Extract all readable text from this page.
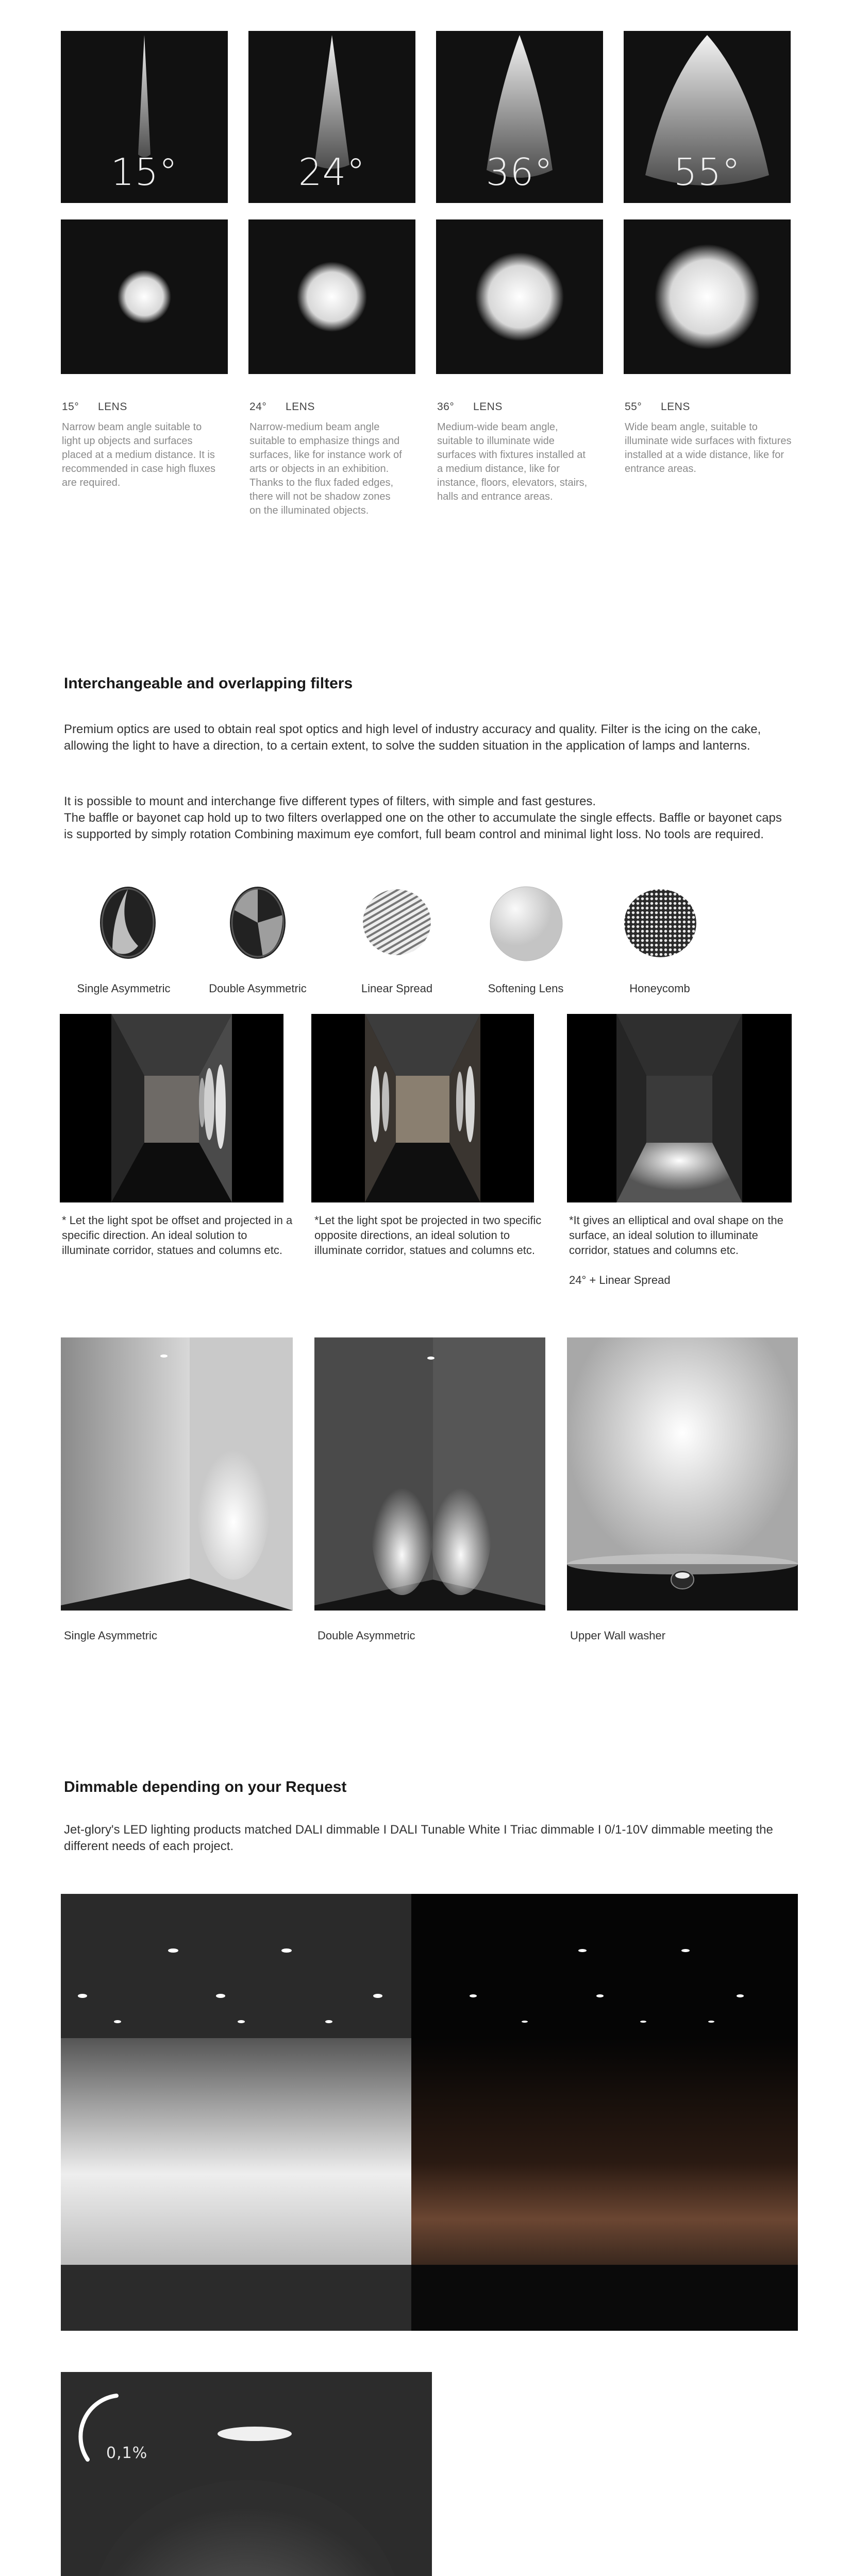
15°	24°	36°	55°
15° LENS
Narrow beam angle suitable to light up objects and surfaces placed at a medium distance. It is recommended in case high fluxes are required.
24° LENS
Narrow-medium beam angle suitable to emphasize things and surfaces, like for instance work of arts or objects in an exhibition. Thanks to the flux faded edges, there will not be shadow zones on the illuminated objects.
36° LENS
Medium-wide beam angle, suitable to illuminate wide surfaces with fixtures installed at a medium distance, like for instance, floors, elevators, stairs, halls and entrance areas.
55° LENS
Wide beam angle, suitable to illuminate wide surfaces with fixtures installed at a wide distance, like for entrance areas.
Interchangeable and overlapping filters
Premium optics are used to obtain real spot optics and high level of industry accuracy and quality. Filter is the icing on the cake, allowing the light to have a direction, to a certain extent, to solve the sudden situation in the application of lamps and lanterns.
It is possible to mount and interchange five different types of filters, with simple and fast gestures.
The baffle or bayonet cap hold up to two filters overlapped one on the other to accumulate the single effects. Baffle or bayonet caps is supported by simply rotation Combining maximum eye comfort, full beam control and minimal light loss. No tools are required.
Single Asymmetric	Double Asymmetric	Linear Spread	Softening Lens	Honeycomb
* Let the light spot be offset and projected in a specific direction. An ideal solution to illuminate corridor, statues and columns etc.
*Let the light spot be projected in two specific opposite directions, an ideal solution to illuminate corridor, statues and columns etc.
*It gives an elliptical and oval shape on the surface, an ideal solution to illuminate corridor, statues and columns etc.
24° + Linear Spread
Single Asymmetric	Double Asymmetric	Upper Wall washer
Dimmable depending on your Request
Jet-glory's LED lighting products matched DALI dimmable I DALI Tunable White I Triac dimmable I 0/1-10V dimmable meeting the different needs of each project.
0,1%
